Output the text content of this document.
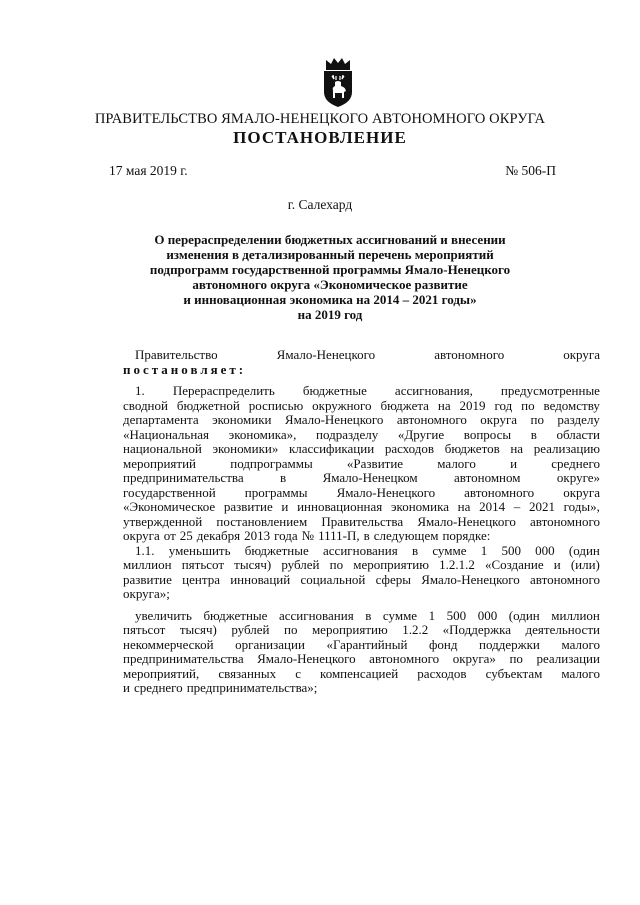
ПРАВИТЕЛЬСТВО ЯМАЛО-НЕНЕЦКОГО АВТОНОМНОГО ОКРУГА
ПОСТАНОВЛЕНИЕ
17 мая 2019 г.	№ 506-П
г. Салехард
О перераспределении бюджетных ассигнований и внесении
изменения в детализированный перечень мероприятий
подпрограмм государственной программы Ямало-Ненецкого
автономного округа «Экономическое развитие
и инновационная экономика на 2014 – 2021 годы»
на 2019 год
Правительство	Ямало-Ненецкого	автономного	округа
постановляет:
1. Перераспределить бюджетные ассигнования, предусмотренные
сводной бюджетной росписью окружного бюджета на 2019 год по ведомству
департамента экономики Ямало-Ненецкого автономного округа по разделу
«Национальная экономика», подразделу «Другие вопросы в области
национальной экономики» классификации расходов бюджетов на реализацию
мероприятий	подпрограммы	«Развитие	малого	и	среднего
предпринимательства	в	Ямало-Ненецком	автономном	округе»
государственной программы Ямало-Ненецкого автономного округа
«Экономическое развитие и инновационная экономика на 2014 – 2021 годы»,
утвержденной постановлением Правительства Ямало-Ненецкого автономного
округа от 25 декабря 2013 года № 1111-П, в следующем порядке:
1.1. уменьшить бюджетные ассигнования в сумме 1 500 000 (один
миллион пятьсот тысяч) рублей по мероприятию 1.2.1.2 «Создание и (или)
развитие центра инноваций социальной сферы Ямало-Ненецкого автономного
округа»;
увеличить бюджетные ассигнования в сумме 1 500 000 (один миллион
пятьсот тысяч) рублей по мероприятию 1.2.2 «Поддержка деятельности
некоммерческой организации «Гарантийный фонд поддержки малого
предпринимательства Ямало-Ненецкого автономного округа» по реализации
мероприятий, связанных с компенсацией расходов субъектам малого
и среднего предпринимательства»;
